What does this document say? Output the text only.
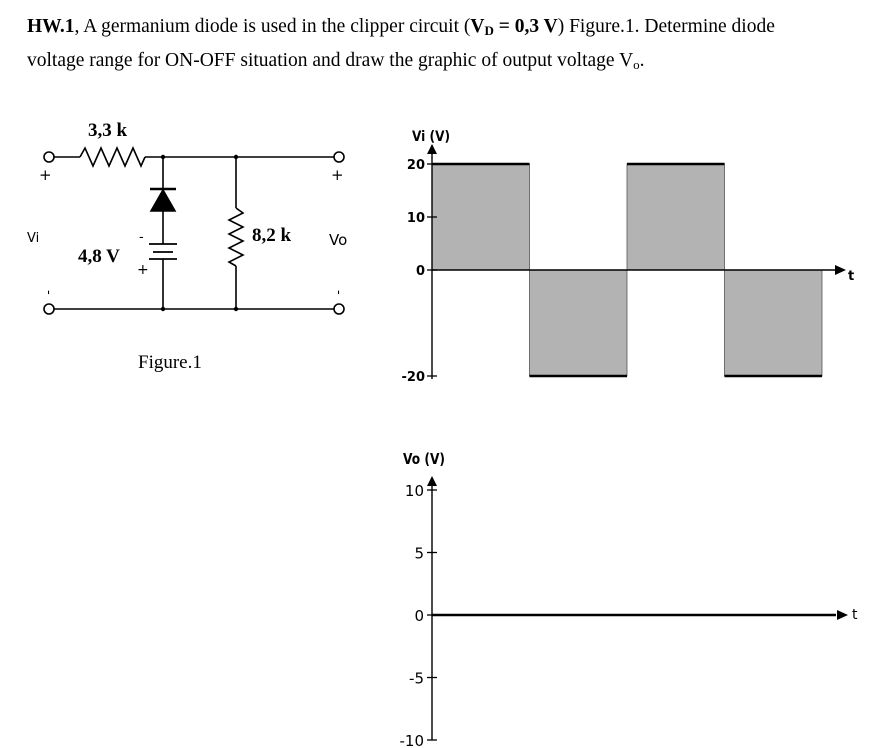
HW.1, A germanium diode is used in the clipper circuit ($V_D = 0,3$ V) Figure.1. Determine diode
voltage range for ON-OFF situation and draw the graphic of output voltage $V_o$.
3,3 k
8,2 k
4,8 V
-
+
+
-
+
-
Vi	Vo
Figure.1
20
10
0
-20
Vi (V)
t
10
5
0
-5
-10
Vo (V)
t
